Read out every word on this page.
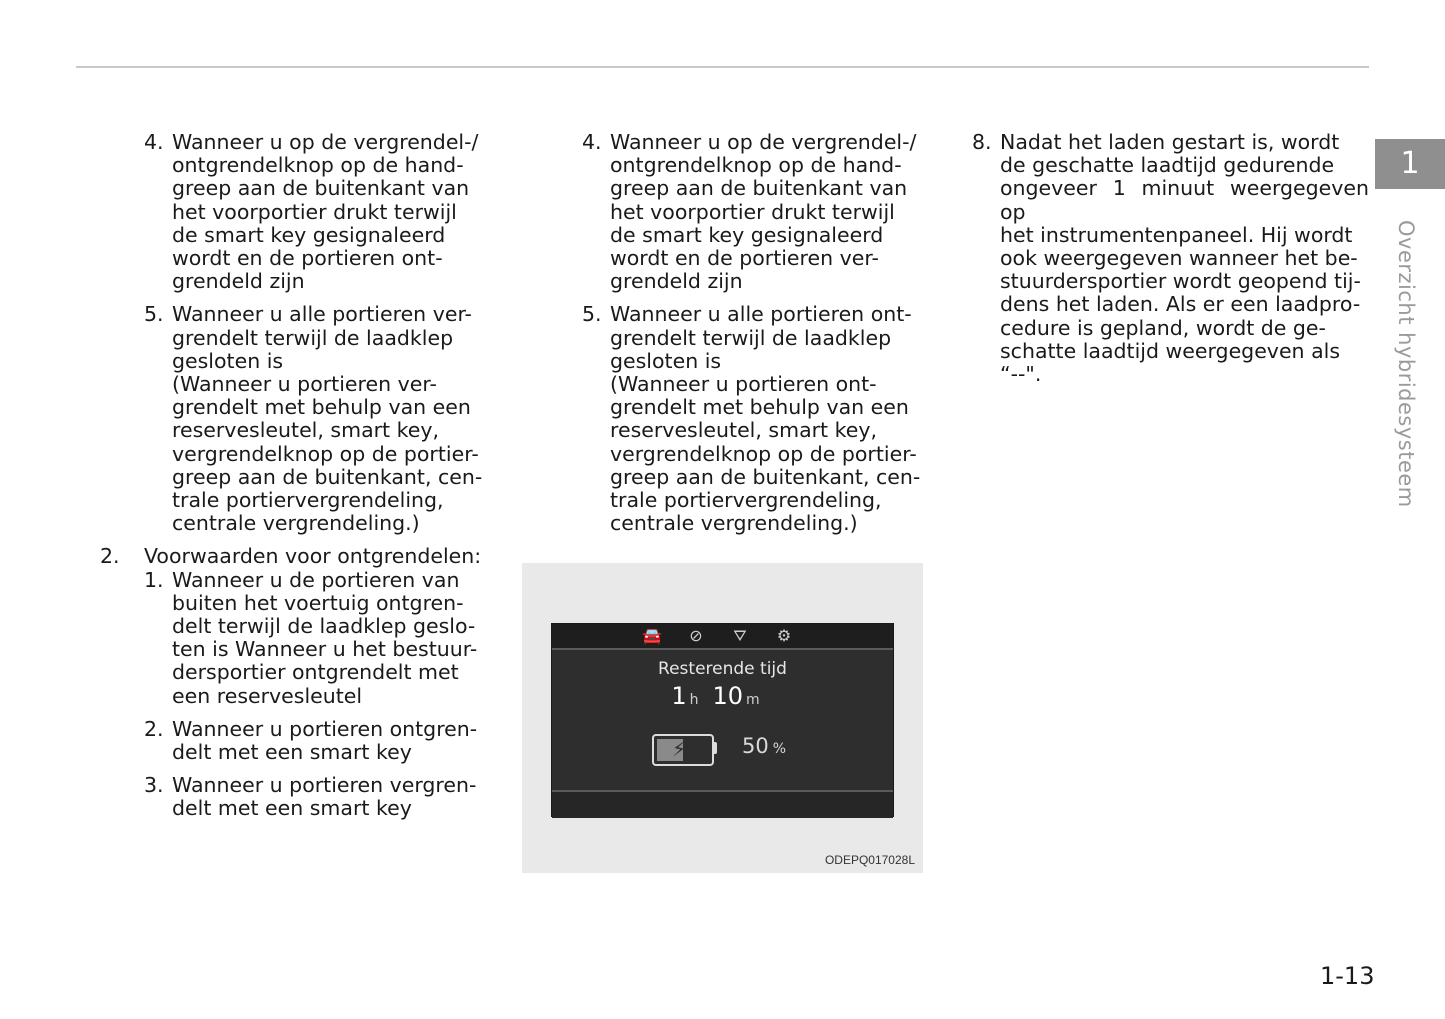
4. Wanneer u op de vergrendel-/
ontgrendelknop op de hand-
greep aan de buitenkant van
het voorportier drukt terwijl
de smart key gesignaleerd
wordt en de portieren ont-
grendeld zijn
5. Wanneer u alle portieren ver-
grendelt terwijl de laadklep
gesloten is
(Wanneer u portieren ver-
grendelt met behulp van een
reservesleutel, smart key,
vergrendelknop op de portier-
greep aan de buitenkant, cen-
trale portiervergrendeling,
centrale vergrendeling.)
2.	Voorwaarden voor ontgrendelen:
1. Wanneer u de portieren van
buiten het voertuig ontgren-
delt terwijl de laadklep geslo-
ten is Wanneer u het bestuur-
dersportier ontgrendelt met
een reservesleutel
2. Wanneer u portieren ontgren-
delt met een smart key
3. Wanneer u portieren vergren-
delt met een smart key
4. Wanneer u op de vergrendel-/
ontgrendelknop op de hand-
greep aan de buitenkant van
het voorportier drukt terwijl
de smart key gesignaleerd
wordt en de portieren ver-
grendeld zijn
5. Wanneer u alle portieren ont-
grendelt terwijl de laadklep
gesloten is
(Wanneer u portieren ont-
grendelt met behulp van een
reservesleutel, smart key,
vergrendelknop op de portier-
greep aan de buitenkant, cen-
trale portiervergrendeling,
centrale vergrendeling.)
🚘	⊘	⛛	⚙
Resterende tijd
1 h 10 m
⚡	50 %
ODEPQ017028L
8. Nadat het laden gestart is, wordt
de geschatte laadtijd gedurende
ongeveer 1 minuut weergegeven op
het instrumentenpaneel. Hij wordt
ook weergegeven wanneer het be-
stuurdersportier wordt geopend tij-
dens het laden. Als er een laadpro-
cedure is gepland, wordt de ge-
schatte laadtijd weergegeven als
“--".
1
Overzicht hybridesysteem
1-13
